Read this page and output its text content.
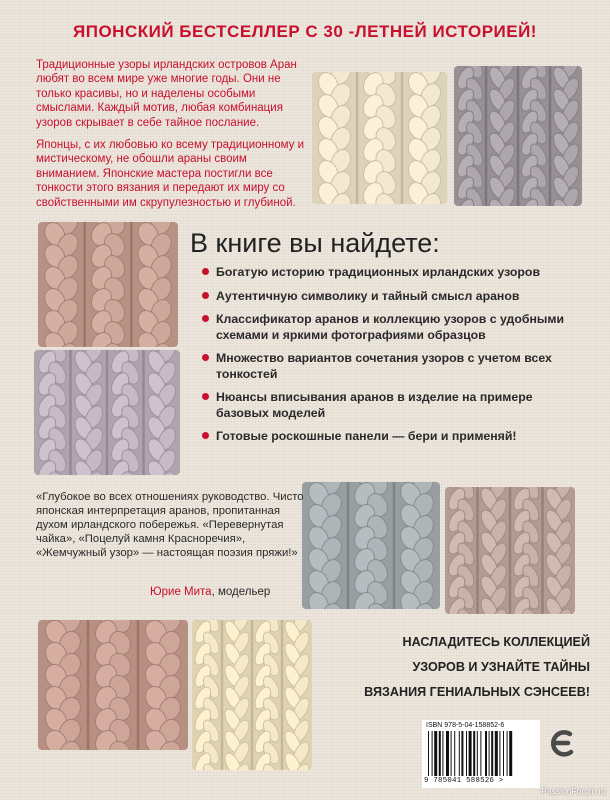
ЯПОНСКИЙ БЕСТСЕЛЛЕР С 30 -ЛЕТНЕЙ ИСТОРИЕЙ!

Традиционные узоры ирландских островов Аран любят во всем мире уже многие годы. Они не только красивы, но и наделены особыми смыслами. Каждый мотив, любая комбинация узоров скрывает в себе тайное послание.

Японцы, с их любовью ко всему традиционному и мистическому, не обошли араны своим вниманием. Японские мастера постигли все тонкости этого вязания и передают их миру со свойственными им скрупулезностью и глубиной.

В книге вы найдете:
Богатую историю традиционных ирландских узоров
Аутентичную символику и тайный смысл аранов
Классификатор аранов и коллекцию узоров с удобными схемами и яркими фотографиями образцов
Множество вариантов сочетания узоров с учетом всех тонкостей
Нюансы вписывания аранов в изделие на примере базовых моделей
Готовые роскошные панели — бери и применяй!

«Глубокое во всех отношениях руководство. Чисто японская интерпретация аранов, пропитанная духом ирландского побережья. «Перевернутая чайка», «Поцелуй камня Красноречия», «Жемчужный узор» — настоящая поэзия пряжи!»

Юрие Мита, модельер
НАСЛАДИТЕСЬ КОЛЛЕКЦИЕЙ
УЗОРОВ И УЗНАЙТЕ ТАЙНЫ
ВЯЗАНИЯ ГЕНИАЛЬНЫХ СЭНСЕЕВ!
ISBN 978-5-04-158852-6
9 785041 588526 >
PassionForum.ru
